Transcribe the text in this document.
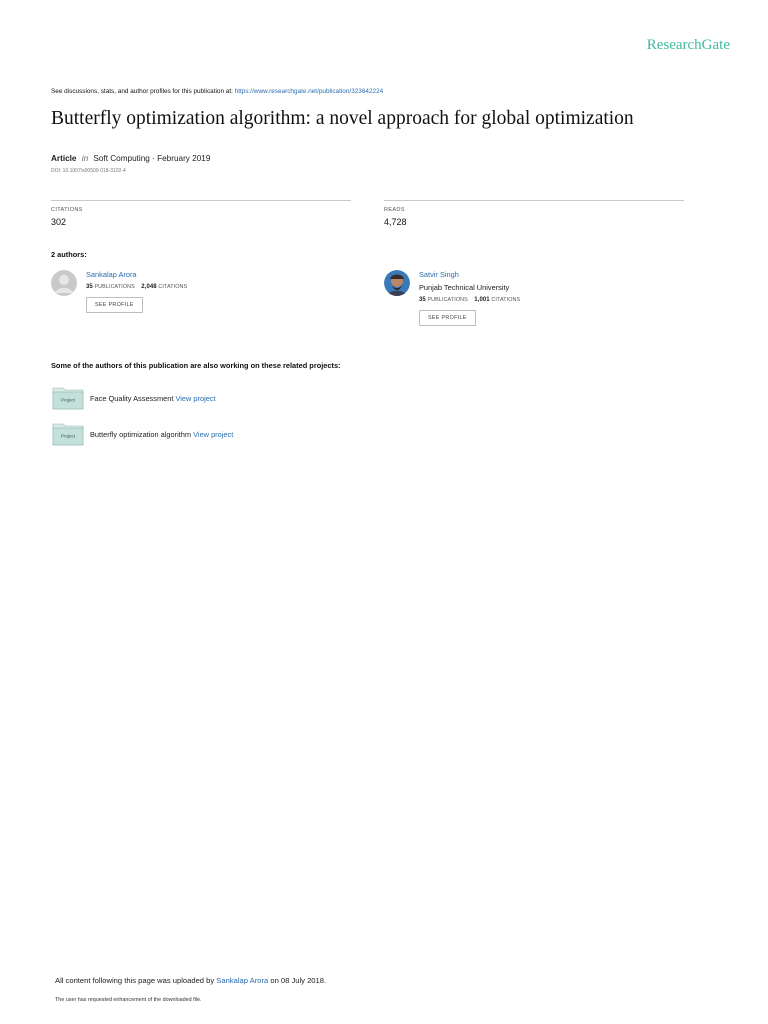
ResearchGate
See discussions, stats, and author profiles for this publication at: https://www.researchgate.net/publication/323642224
Butterfly optimization algorithm: a novel approach for global optimization
Article in Soft Computing · February 2019
DOI: 10.1007/s00500-018-3102-4
CITATIONS
302
READS
4,728
2 authors:
Sankalap Arora
35 PUBLICATIONS 2,048 CITATIONS
SEE PROFILE
Satvir Singh
Punjab Technical University
35 PUBLICATIONS 1,001 CITATIONS
SEE PROFILE
Some of the authors of this publication are also working on these related projects:
Project Face Quality Assessment View project
Project Butterfly optimization algorithm View project
All content following this page was uploaded by Sankalap Arora on 08 July 2018.
The user has requested enhancement of the downloaded file.
